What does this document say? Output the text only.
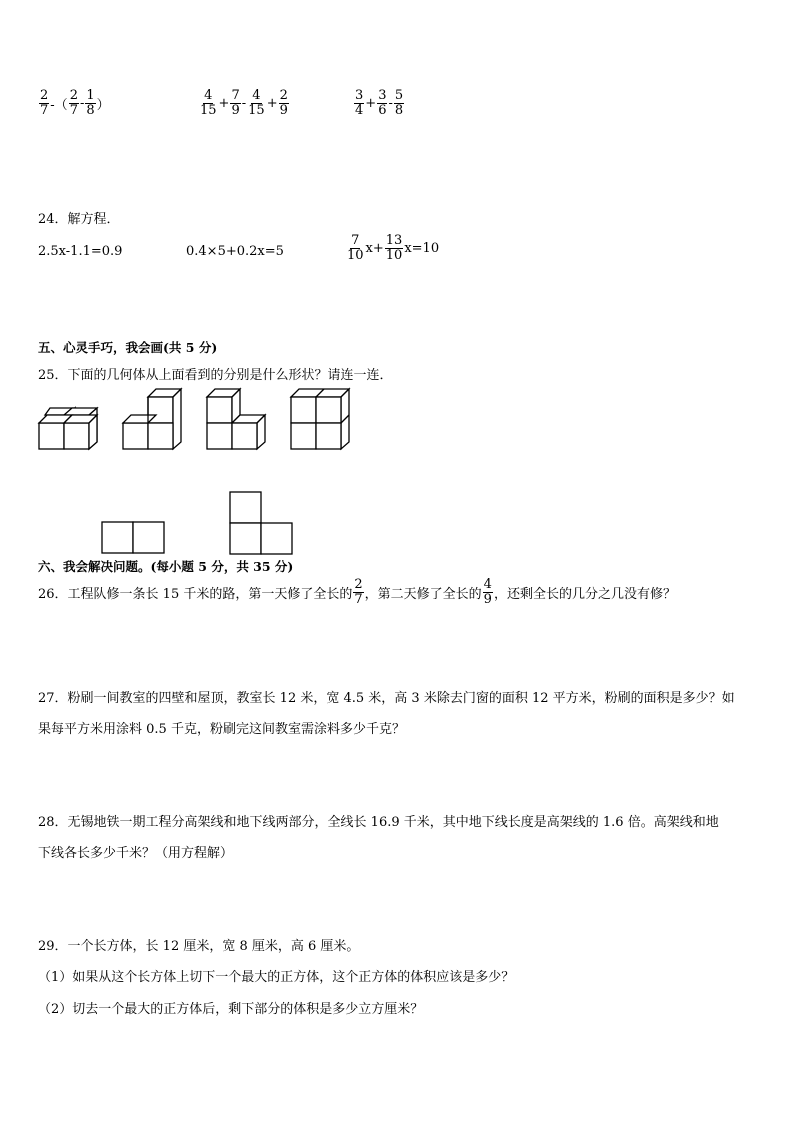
$\frac{2}{7}$ -（ $\frac{2}{7} - \frac{1}{8}$ ）	$\frac{4}{15} + \frac{7}{9} - \frac{4}{15} + \frac{2}{9}$	$\frac{3}{4} + \frac{3}{6} - \frac{5}{8}$
24．解方程．
2.5x-1.1=0.9	0.4×5+0.2x=5	$\frac{7}{10} x+ \frac{13}{10} x=10$
五、心灵手巧，我会画(共 5 分)
25．下面的几何体从上面看到的分别是什么形状？请连一连．
六、我会解决问题。(每小题 5 分，共 35 分)
26．工程队修一条长 15 千米的路，第一天修了全长的 $\frac{2}{7}$ ，第二天修了全长的 $\frac{4}{9}$ ，还剩全长的几分之几没有修？
27．粉刷一间教室的四壁和屋顶，教室长 12 米，宽 4.5 米，高 3 米除去门窗的面积 12 平方米，粉刷的面积是多少？如
果每平方米用涂料 0.5 千克，粉刷完这间教室需涂料多少千克？
28．无锡地铁一期工程分高架线和地下线两部分，全线长 16.9 千米，其中地下线长度是高架线的 1.6 倍。高架线和地
下线各长多少千米？（用方程解）
29．一个长方体，长 12 厘米，宽 8 厘米，高 6 厘米。
（1）如果从这个长方体上切下一个最大的正方体，这个正方体的体积应该是多少？
（2）切去一个最大的正方体后，剩下部分的体积是多少立方厘米？
